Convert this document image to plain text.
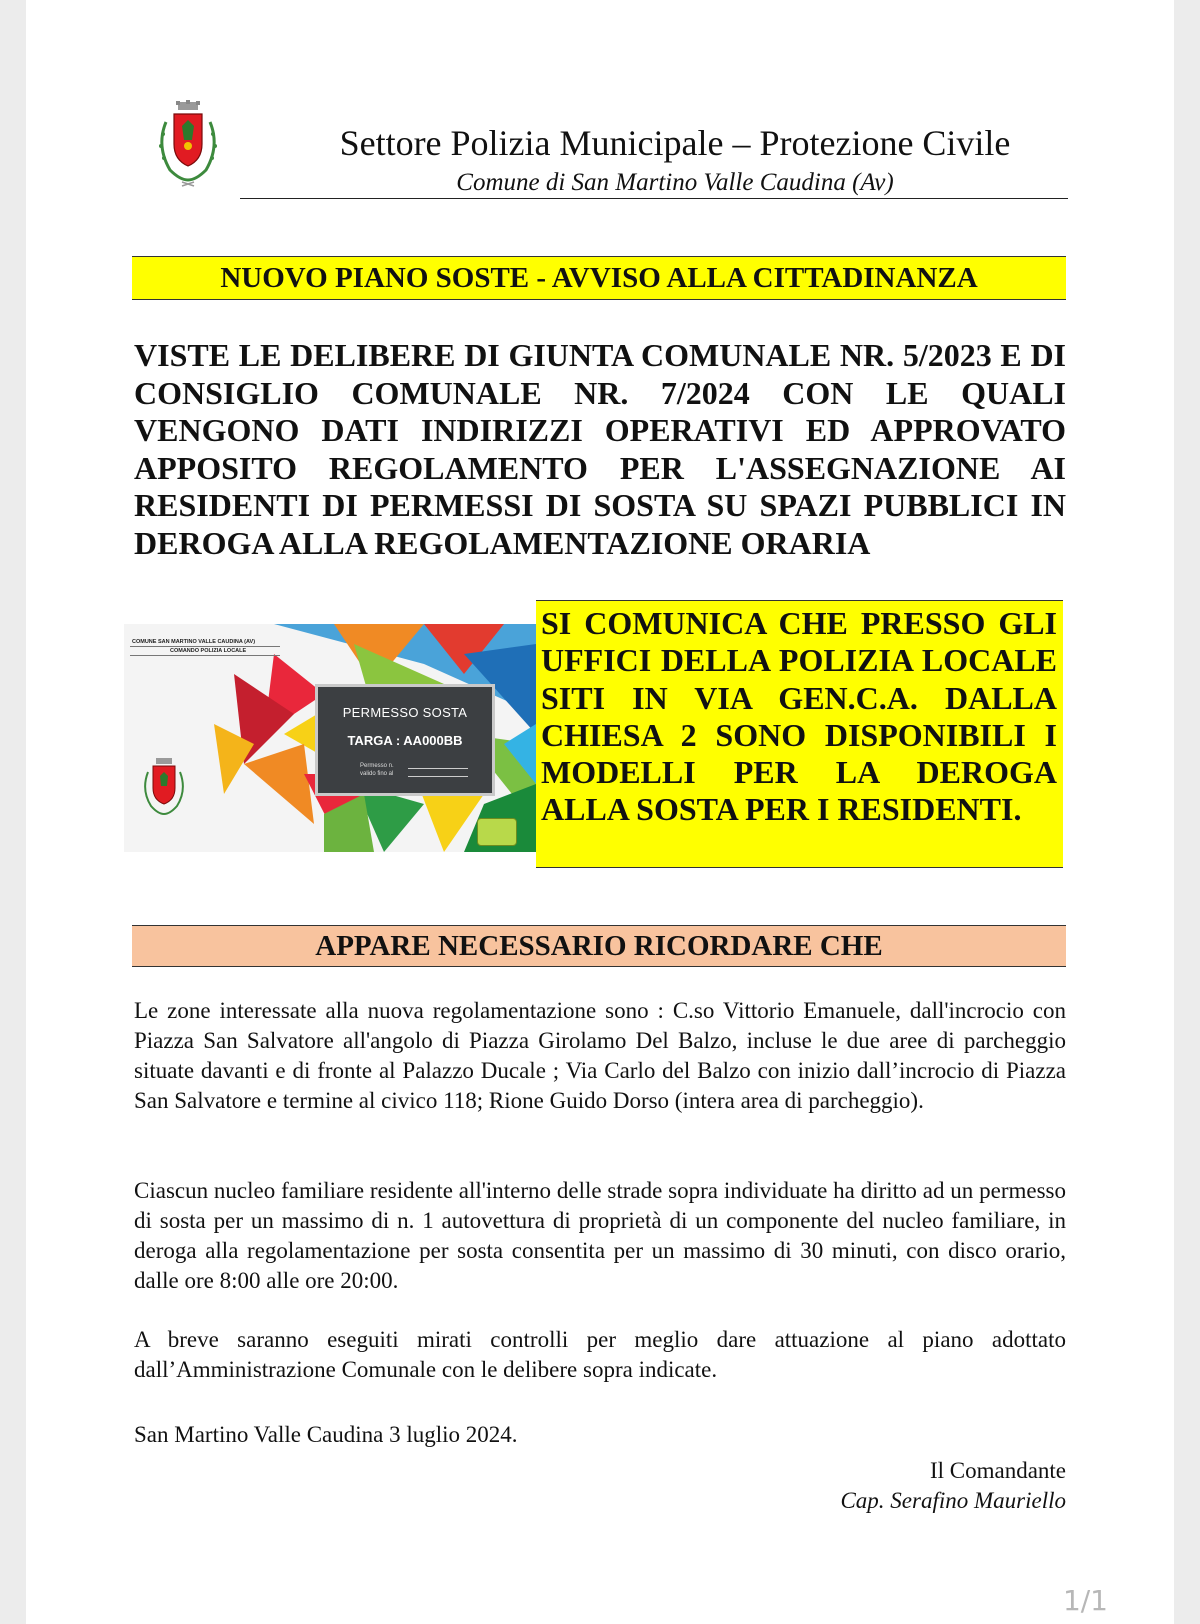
Settore Polizia Municipale – Protezione Civile
Comune di San Martino Valle Caudina (Av)
NUOVO PIANO SOSTE - AVVISO ALLA CITTADINANZA
VISTE LE DELIBERE DI GIUNTA COMUNALE NR. 5/2023 E DI CONSIGLIO COMUNALE NR. 7/2024 CON LE QUALI VENGONO DATI INDIRIZZI OPERATIVI ED APPROVATO APPOSITO REGOLAMENTO PER L'ASSEGNAZIONE AI RESIDENTI DI PERMESSI DI SOSTA SU SPAZI PUBBLICI IN DEROGA ALLA REGOLAMENTAZIONE ORARIA
COMUNE SAN MARTINO VALLE CAUDINA (AV)
COMANDO POLIZIA LOCALE
PERMESSO SOSTA
TARGA : AA000BB
Permesso n.
valido fino al
SI COMUNICA CHE PRESSO GLI UFFICI DELLA POLIZIA LOCALE SITI IN VIA GEN.C.A. DALLA CHIESA 2 SONO DISPONIBILI I MODELLI PER LA DEROGA ALLA SOSTA PER I RESIDENTI.
APPARE NECESSARIO RICORDARE CHE
Le zone interessate alla nuova regolamentazione sono : C.so Vittorio Emanuele, dall'incrocio con Piazza San Salvatore all'angolo di Piazza Girolamo Del Balzo, incluse le due aree di parcheggio situate davanti e di fronte al Palazzo Ducale ; Via Carlo del Balzo con inizio dall’incrocio di Piazza San Salvatore e termine al civico 118; Rione Guido Dorso (intera area di parcheggio).
Ciascun nucleo familiare residente all'interno delle strade sopra individuate ha diritto ad un permesso di sosta per un massimo di n. 1 autovettura di proprietà di un componente del nucleo familiare, in deroga alla regolamentazione per sosta consentita per un massimo di 30 minuti, con disco orario, dalle ore 8:00 alle ore 20:00.
A breve saranno eseguiti mirati controlli per meglio dare attuazione al piano adottato dall’Amministrazione Comunale con le delibere sopra indicate.
San Martino Valle Caudina 3 luglio 2024.
Il Comandante
Cap. Serafino Mauriello
1/1
